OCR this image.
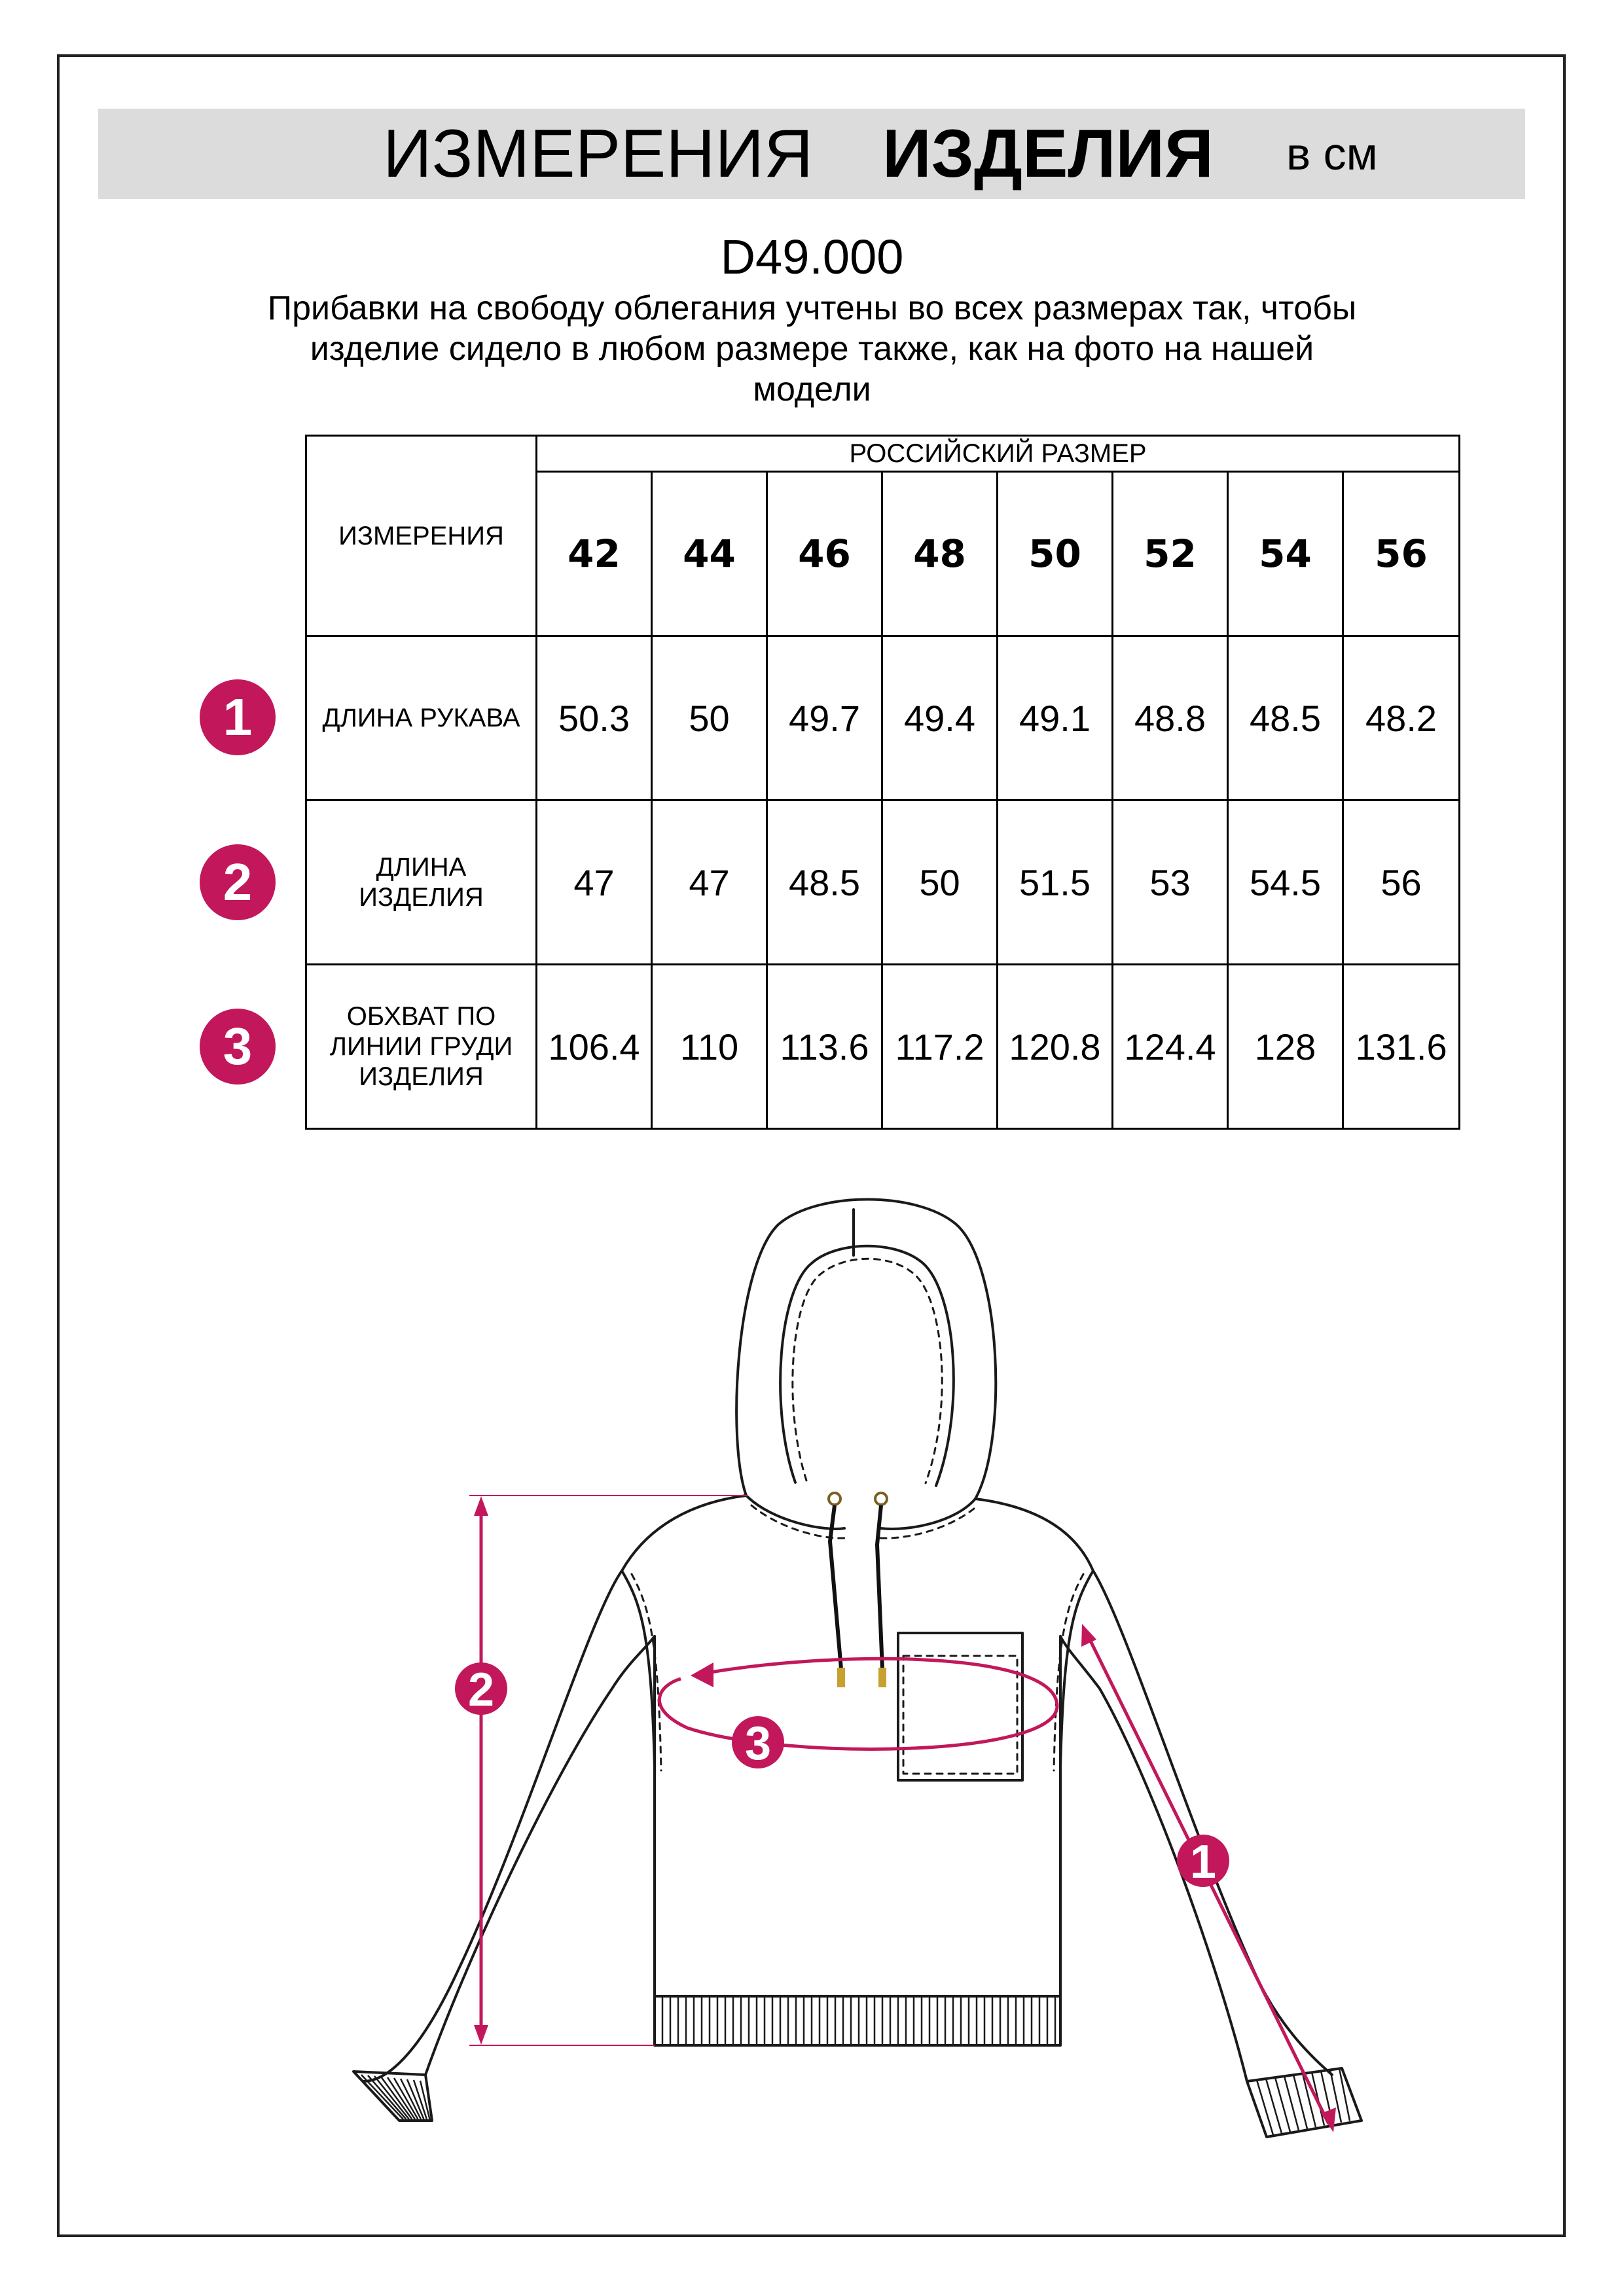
ИЗМЕРЕНИЯ ИЗДЕЛИЯ в см
D49.000
Прибавки на свободу облегания учтены во всех размерах так, чтобы
изделие сидело в любом размере также, как на фото на нашей
модели
ИЗМЕРЕНИЯ	РОССИЙСКИЙ РАЗМЕР							
	42	44	46	48	50	52	54	56
ДЛИНА РУКАВА	50.3	50	49.7	49.4	49.1	48.8	48.5	48.2

ДЛИНА
ИЗДЕЛИЯ	47	47	48.5	50	51.5	53	54.5	56

ОБХВАТ ПО
ЛИНИИ ГРУДИ
ИЗДЕЛИЯ	106.4	110	113.6	117.2	120.8	124.4	128	131.6
1
2
3
2
3
1
